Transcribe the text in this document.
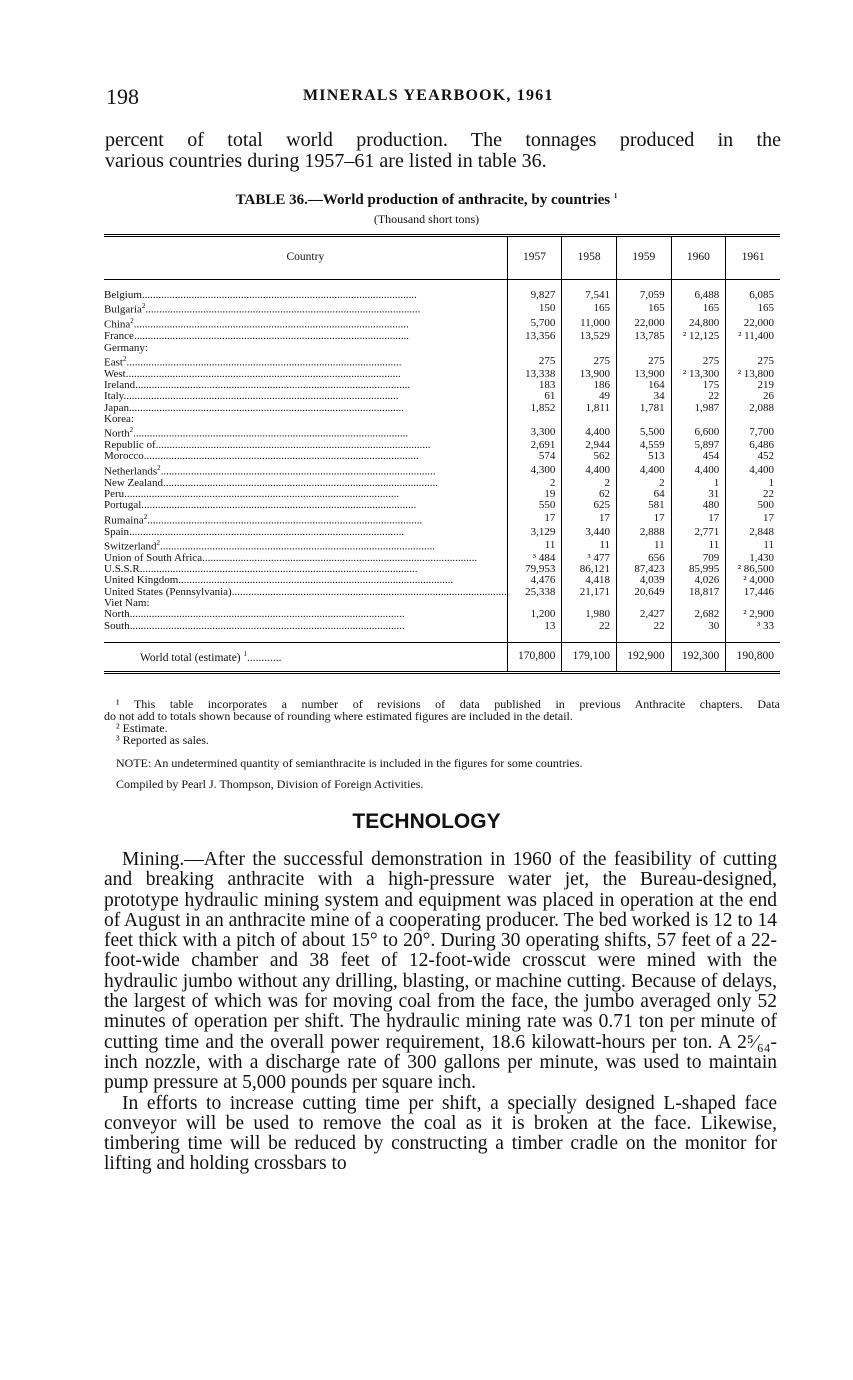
198	MINERALS YEARBOOK, 1961
percent of total world production. The tonnages produced in the
various countries during 1957–61 are listed in table 36.
TABLE 36.—World production of anthracite, by countries $^1$
(Thousand short tons)
Country	1957	1958	1959	1960	1961

Belgium....................................................................................................	9,827	7,541	7,059	6,488	6,085
Bulgaria$^2$....................................................................................................	150	165	165	165	165
China$^2$....................................................................................................	5,700	11,000	22,000	24,800	22,000
France....................................................................................................	13,356	13,529	13,785	² 12,125	² 11,400
Germany:					
East$^2$....................................................................................................	275	275	275	275	275
West....................................................................................................	13,338	13,900	13,900	² 13,300	² 13,800
Ireland....................................................................................................	183	186	164	175	219
Italy....................................................................................................	61	49	34	22	26
Japan....................................................................................................	1,852	1,811	1,781	1,987	2,088
Korea:					
North$^2$....................................................................................................	3,300	4,400	5,500	6,600	7,700
Republic of....................................................................................................	2,691	2,944	4,559	5,897	6,486
Morocco....................................................................................................	574	562	513	454	452
Netherlands$^2$....................................................................................................	4,300	4,400	4,400	4,400	4,400
New Zealand....................................................................................................	2	2	2	1	1
Peru....................................................................................................	19	62	64	31	22
Portugal....................................................................................................	550	625	581	480	500
Rumaina$^2$....................................................................................................	17	17	17	17	17
Spain....................................................................................................	3,129	3,440	2,888	2,771	2,848
Switzerland$^2$....................................................................................................	11	11	11	11	11
Union of South Africa....................................................................................................	³ 484	³ 477	656	709	1,430
U.S.S.R.....................................................................................................	79,953	86,121	87,423	85,995	² 86,500
United Kingdom....................................................................................................	4,476	4,418	4,039	4,026	² 4,000
United States (Pennsylvania)....................................................................................................	25,338	21,171	20,649	18,817	17,446
Viet Nam:					
North....................................................................................................	1,200	1,980	2,427	2,682	² 2,900
South....................................................................................................	13	22	22	30	³ 33

World total (estimate) $^1$............	170,800	179,100	192,900	192,300	190,800
¹ This table incorporates a number of revisions of data published in previous Anthracite chapters. Data
do not add to totals shown because of rounding where estimated figures are included in the detail.
² Estimate.
³ Reported as sales.
NOTE: An undetermined quantity of semianthracite is included in the figures for some countries.
Compiled by Pearl J. Thompson, Division of Foreign Activities.
TECHNOLOGY

Mining.—After the successful demonstration in 1960 of the feasibility of cutting and breaking anthracite with a high-pressure water jet, the Bureau-designed, prototype hydraulic mining system and equipment was placed in operation at the end of August in an anthracite mine of a cooperating producer. The bed worked is 12 to 14 feet thick with a pitch of about 15° to 20°. During 30 operating shifts, 57 feet of a 22-foot-wide chamber and 38 feet of 12-foot-wide crosscut were mined with the hydraulic jumbo without any drilling, blasting, or machine cutting. Because of delays, the largest of which was for moving coal from the face, the jumbo averaged only 52 minutes of operation per shift. The hydraulic mining rate was 0.71 ton per minute of cutting time and the overall power requirement, 18.6 kilowatt-hours per ton. A 2⁵⁄₆₄-inch nozzle, with a discharge rate of 300 gallons per minute, was used to maintain pump pressure at 5,000 pounds per square inch.

In efforts to increase cutting time per shift, a specially designed L-shaped face conveyor will be used to remove the coal as it is broken at the face. Likewise, timbering time will be reduced by constructing a timber cradle on the monitor for lifting and holding crossbars to
